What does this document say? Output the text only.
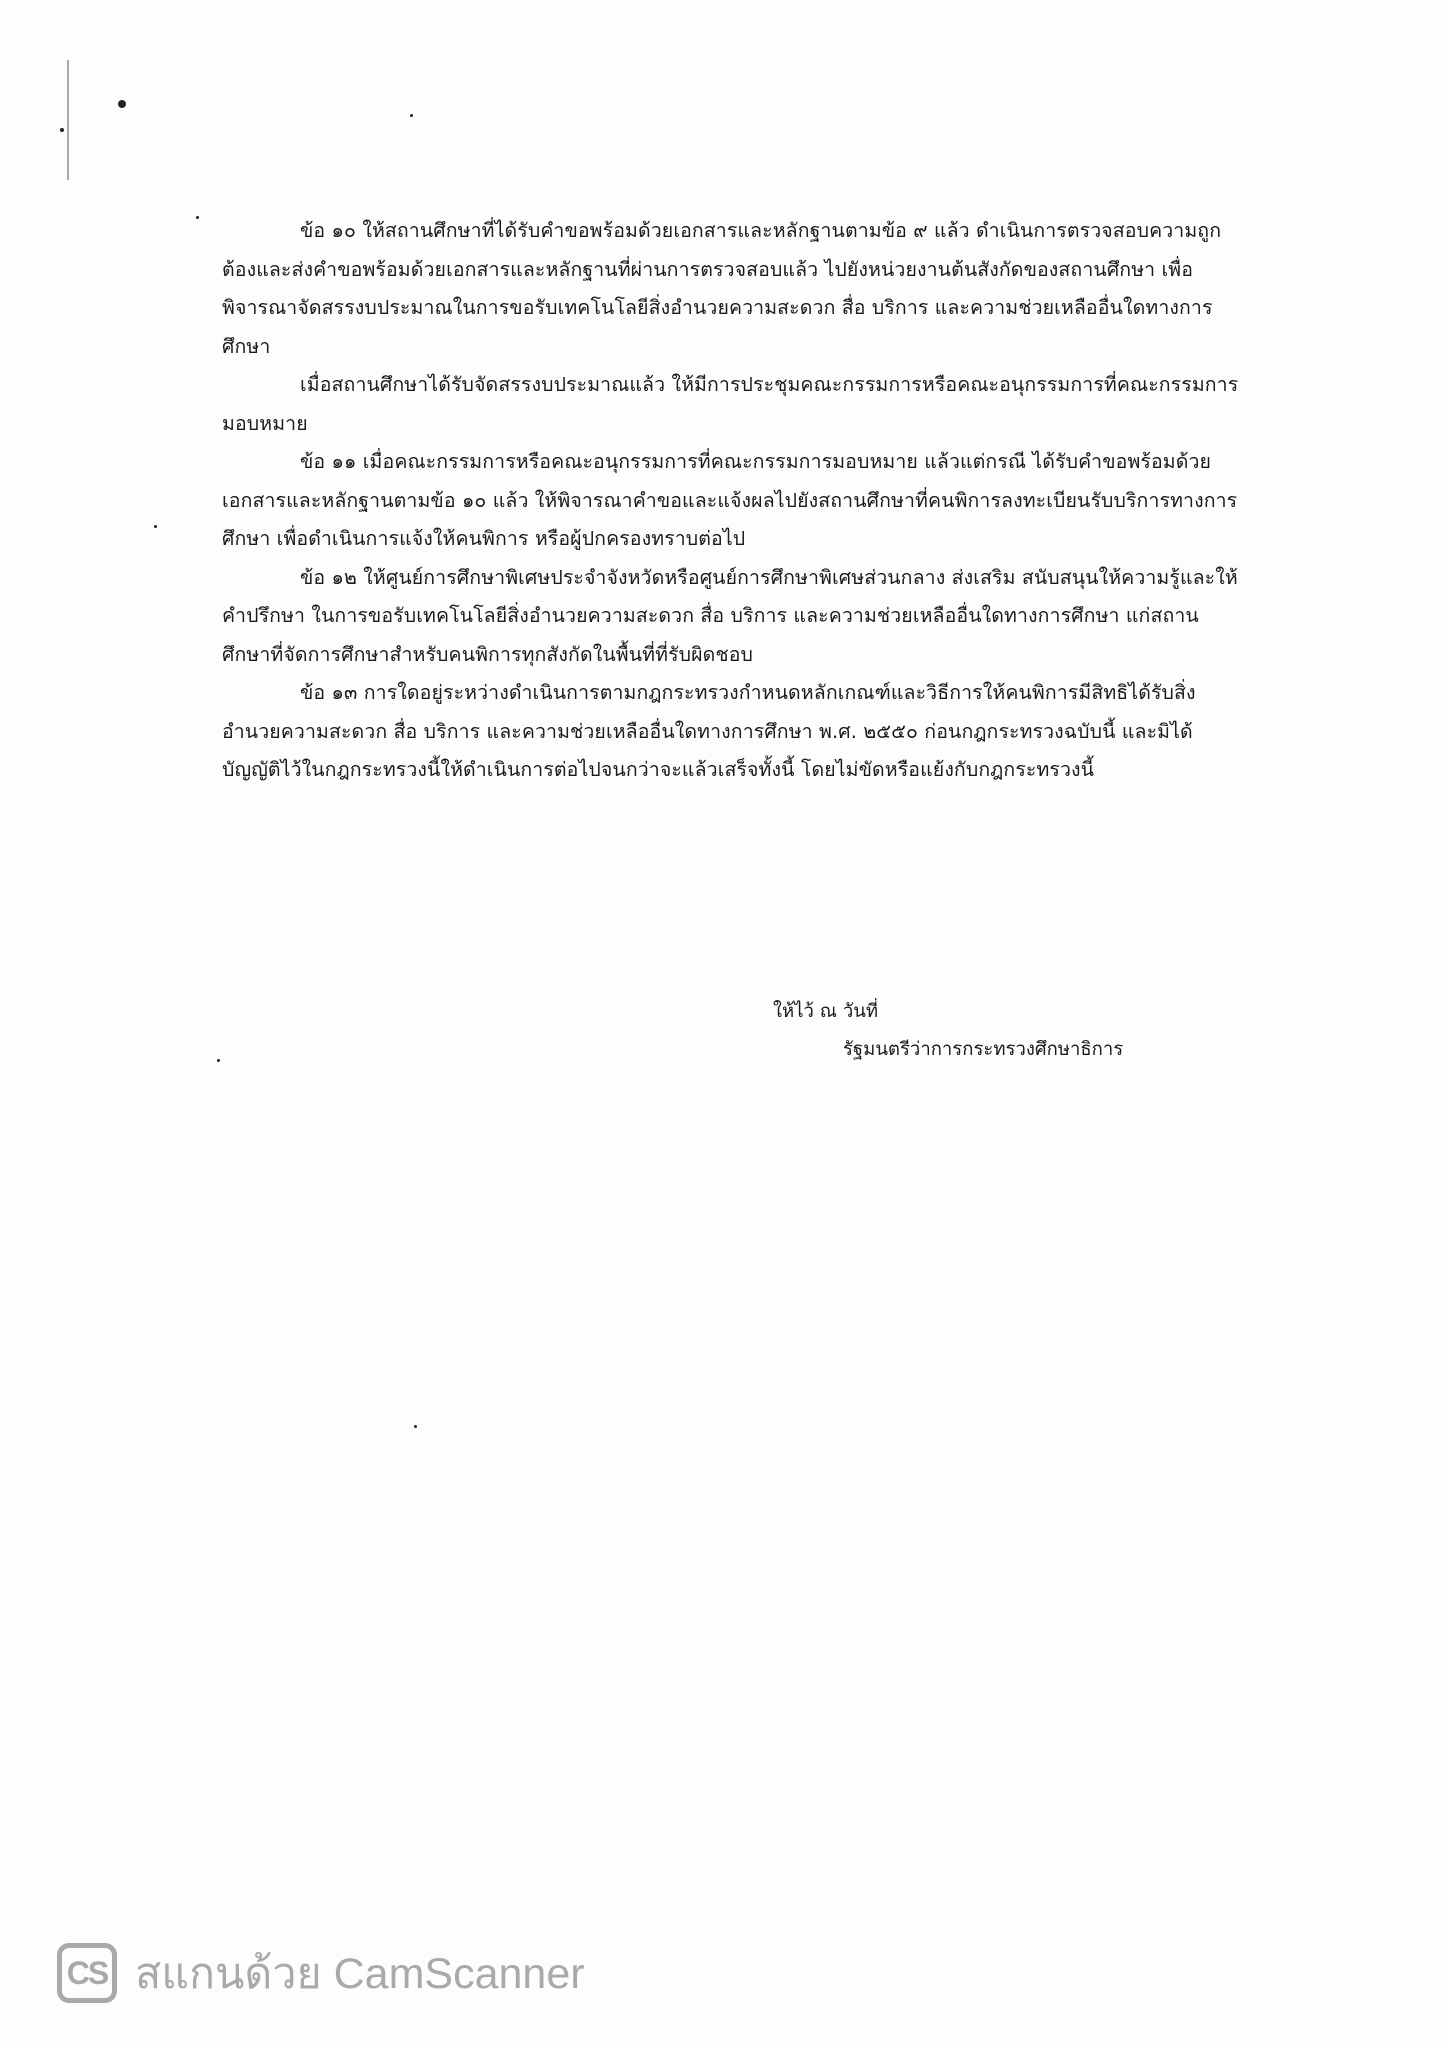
ข้อ ๑๐ ให้สถานศึกษาที่ได้รับคำขอพร้อมด้วยเอกสารและหลักฐานตามข้อ ๙ แล้ว ดำเนินการตรวจสอบความถูกต้องและส่งคำขอพร้อมด้วยเอกสารและหลักฐานที่ผ่านการตรวจสอบแล้ว ไปยังหน่วยงานต้นสังกัดของสถานศึกษา เพื่อพิจารณาจัดสรรงบประมาณในการขอรับเทคโนโลยีสิ่งอำนวยความสะดวก สื่อ บริการ และความช่วยเหลืออื่นใดทางการศึกษา

เมื่อสถานศึกษาได้รับจัดสรรงบประมาณแล้ว ให้มีการประชุมคณะกรรมการหรือคณะอนุกรรมการที่คณะกรรมการมอบหมาย

ข้อ ๑๑ เมื่อคณะกรรมการหรือคณะอนุกรรมการที่คณะกรรมการมอบหมาย แล้วแต่กรณี ได้รับคำขอพร้อมด้วยเอกสารและหลักฐานตามข้อ ๑๐ แล้ว ให้พิจารณาคำขอและแจ้งผลไปยังสถานศึกษาที่คนพิการลงทะเบียนรับบริการทางการศึกษา เพื่อดำเนินการแจ้งให้คนพิการ หรือผู้ปกครองทราบต่อไป

ข้อ ๑๒ ให้ศูนย์การศึกษาพิเศษประจำจังหวัดหรือศูนย์การศึกษาพิเศษส่วนกลาง ส่งเสริม สนับสนุนให้ความรู้และให้คำปรึกษา ในการขอรับเทคโนโลยีสิ่งอำนวยความสะดวก สื่อ บริการ และความช่วยเหลืออื่นใดทางการศึกษา แก่สถานศึกษาที่จัดการศึกษาสำหรับคนพิการทุกสังกัดในพื้นที่ที่รับผิดชอบ

ข้อ ๑๓ การใดอยู่ระหว่างดำเนินการตามกฎกระทรวงกำหนดหลักเกณฑ์และวิธีการให้คนพิการมีสิทธิได้รับสิ่งอำนวยความสะดวก สื่อ บริการ และความช่วยเหลืออื่นใดทางการศึกษา พ.ศ. ๒๕๕๐ ก่อนกฎกระทรวงฉบับนี้ และมิได้บัญญัติไว้ในกฎกระทรวงนี้ให้ดำเนินการต่อไปจนกว่าจะแล้วเสร็จทั้งนี้ โดยไม่ขัดหรือแย้งกับกฎกระทรวงนี้

ให้ไว้ ณ วันที่
รัฐมนตรีว่าการกระทรวงศึกษาธิการ
CS สแกนด้วย CamScanner
